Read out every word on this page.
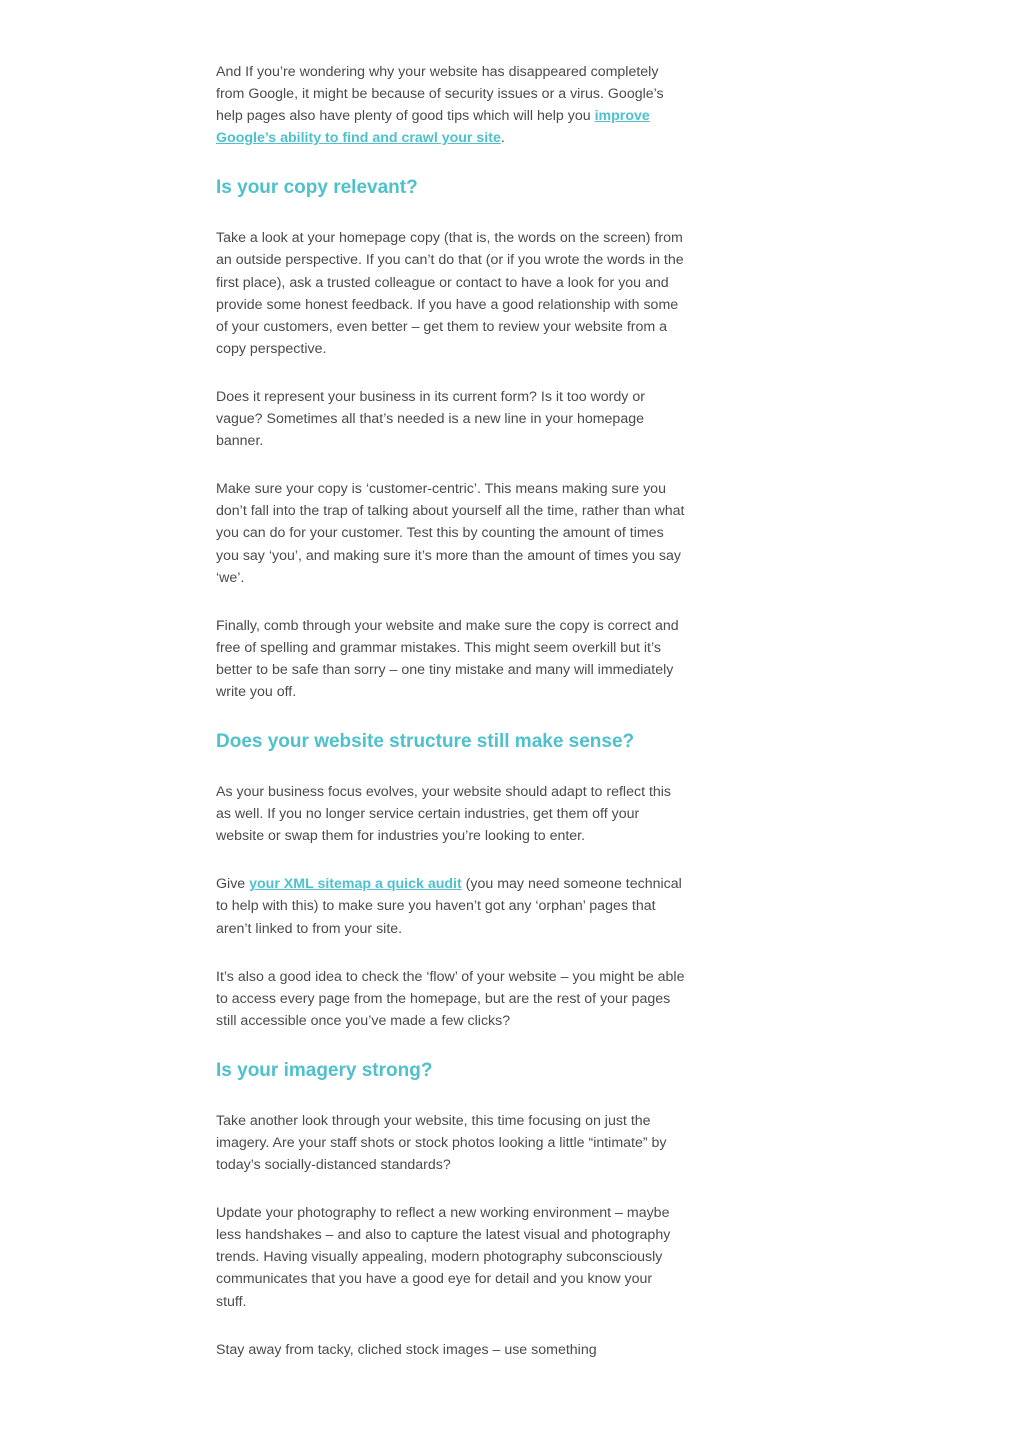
And If you’re wondering why your website has disappeared completely from Google, it might be because of security issues or a virus. Google’s help pages also have plenty of good tips which will help you improve Google’s ability to find and crawl your site.

Is your copy relevant?

Take a look at your homepage copy (that is, the words on the screen) from an outside perspective. If you can’t do that (or if you wrote the words in the first place), ask a trusted colleague or contact to have a look for you and provide some honest feedback. If you have a good relationship with some of your customers, even better – get them to review your website from a copy perspective.

Does it represent your business in its current form? Is it too wordy or vague? Sometimes all that’s needed is a new line in your homepage banner.

Make sure your copy is ‘customer-centric’. This means making sure you don’t fall into the trap of talking about yourself all the time, rather than what you can do for your customer. Test this by counting the amount of times you say ‘you’, and making sure it’s more than the amount of times you say ‘we’.

Finally, comb through your website and make sure the copy is correct and free of spelling and grammar mistakes. This might seem overkill but it’s better to be safe than sorry – one tiny mistake and many will immediately write you off.

Does your website structure still make sense?

As your business focus evolves, your website should adapt to reflect this as well. If you no longer service certain industries, get them off your website or swap them for industries you’re looking to enter.

Give your XML sitemap a quick audit (you may need someone technical to help with this) to make sure you haven’t got any ‘orphan’ pages that aren’t linked to from your site.

It’s also a good idea to check the ‘flow’ of your website – you might be able to access every page from the homepage, but are the rest of your pages still accessible once you’ve made a few clicks?

Is your imagery strong?

Take another look through your website, this time focusing on just the imagery. Are your staff shots or stock photos looking a little “intimate” by today’s socially-distanced standards?

Update your photography to reflect a new working environment – maybe less handshakes – and also to capture the latest visual and photography trends. Having visually appealing, modern photography subconsciously communicates that you have a good eye for detail and you know your stuff.

Stay away from tacky, cliched stock images – use something
